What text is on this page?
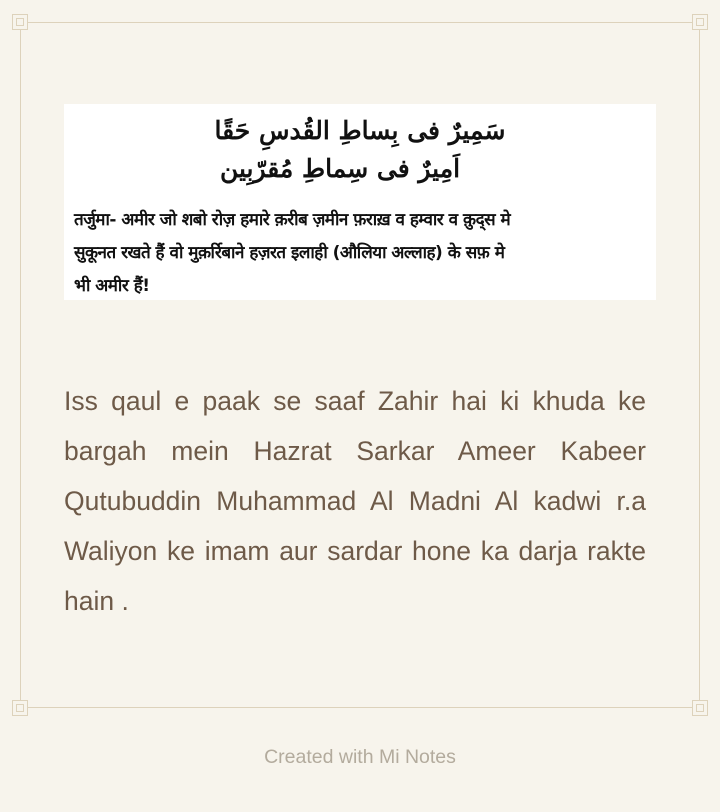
سَمِیرٌ فی بِساطِ القُدسِ حَقًا
اَمِیرٌ فی سِماطِ مُقرّبِین
तर्जुमा- अमीर जो शबो रोज़ हमारे क़रीब ज़मीन फ़राख़ व हम्वार व क़ुद्स मे
सुकूनत रखते हैं वो मुक़र्रिबाने हज़रत इलाही (औलिया अल्लाह) के सफ़ मे
भी अमीर हैं!
Iss qaul e paak se saaf Zahir hai ki khuda ke bargah mein Hazrat Sarkar Ameer Kabeer Qutubuddin Muhammad Al Madni Al kadwi r.a Waliyon ke imam aur sardar hone ka darja rakte hain .
Created with Mi Notes
